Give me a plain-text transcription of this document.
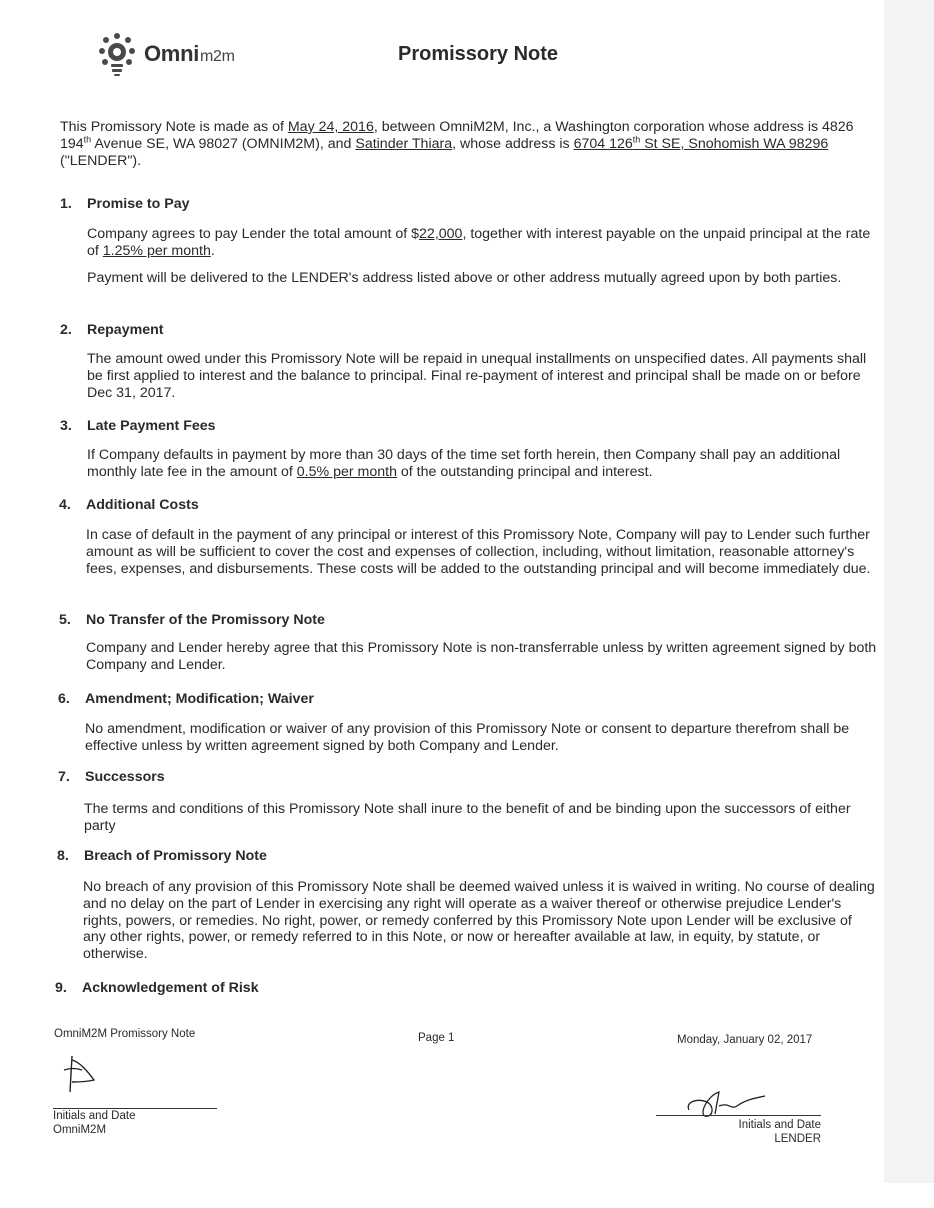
Omnim2m	Promissory Note
This Promissory Note is made as of May 24, 2016, between OmniM2M, Inc., a Washington corporation whose address is 4826 194th Avenue SE, WA 98027 (OMNIM2M), and Satinder Thiara, whose address is 6704 126th St SE, Snohomish WA 98296 ("LENDER").
1. Promise to Pay
Company agrees to pay Lender the total amount of $22,000, together with interest payable on the unpaid principal at the rate of 1.25% per month.
Payment will be delivered to the LENDER's address listed above or other address mutually agreed upon by both parties.
2. Repayment
The amount owed under this Promissory Note will be repaid in unequal installments on unspecified dates. All payments shall be first applied to interest and the balance to principal. Final re-payment of interest and principal shall be made on or before Dec 31, 2017.
3. Late Payment Fees
If Company defaults in payment by more than 30 days of the time set forth herein, then Company shall pay an additional monthly late fee in the amount of 0.5% per month of the outstanding principal and interest.
4. Additional Costs
In case of default in the payment of any principal or interest of this Promissory Note, Company will pay to Lender such further amount as will be sufficient to cover the cost and expenses of collection, including, without limitation, reasonable attorney's fees, expenses, and disbursements. These costs will be added to the outstanding principal and will become immediately due.
5. No Transfer of the Promissory Note
Company and Lender hereby agree that this Promissory Note is non-transferrable unless by written agreement signed by both Company and Lender.
6. Amendment; Modification; Waiver
No amendment, modification or waiver of any provision of this Promissory Note or consent to departure therefrom shall be effective unless by written agreement signed by both Company and Lender.
7. Successors
The terms and conditions of this Promissory Note shall inure to the benefit of and be binding upon the successors of either party
8. Breach of Promissory Note
No breach of any provision of this Promissory Note shall be deemed waived unless it is waived in writing. No course of dealing and no delay on the part of Lender in exercising any right will operate as a waiver thereof or otherwise prejudice Lender's rights, powers, or remedies. No right, power, or remedy conferred by this Promissory Note upon Lender will be exclusive of any other rights, power, or remedy referred to in this Note, or now or hereafter available at law, in equity, by statute, or otherwise.
9. Acknowledgement of Risk
OmniM2M Promissory Note	Page 1	Monday, January 02, 2017
Initials and Date
OmniM2M	Initials and Date
LENDER
